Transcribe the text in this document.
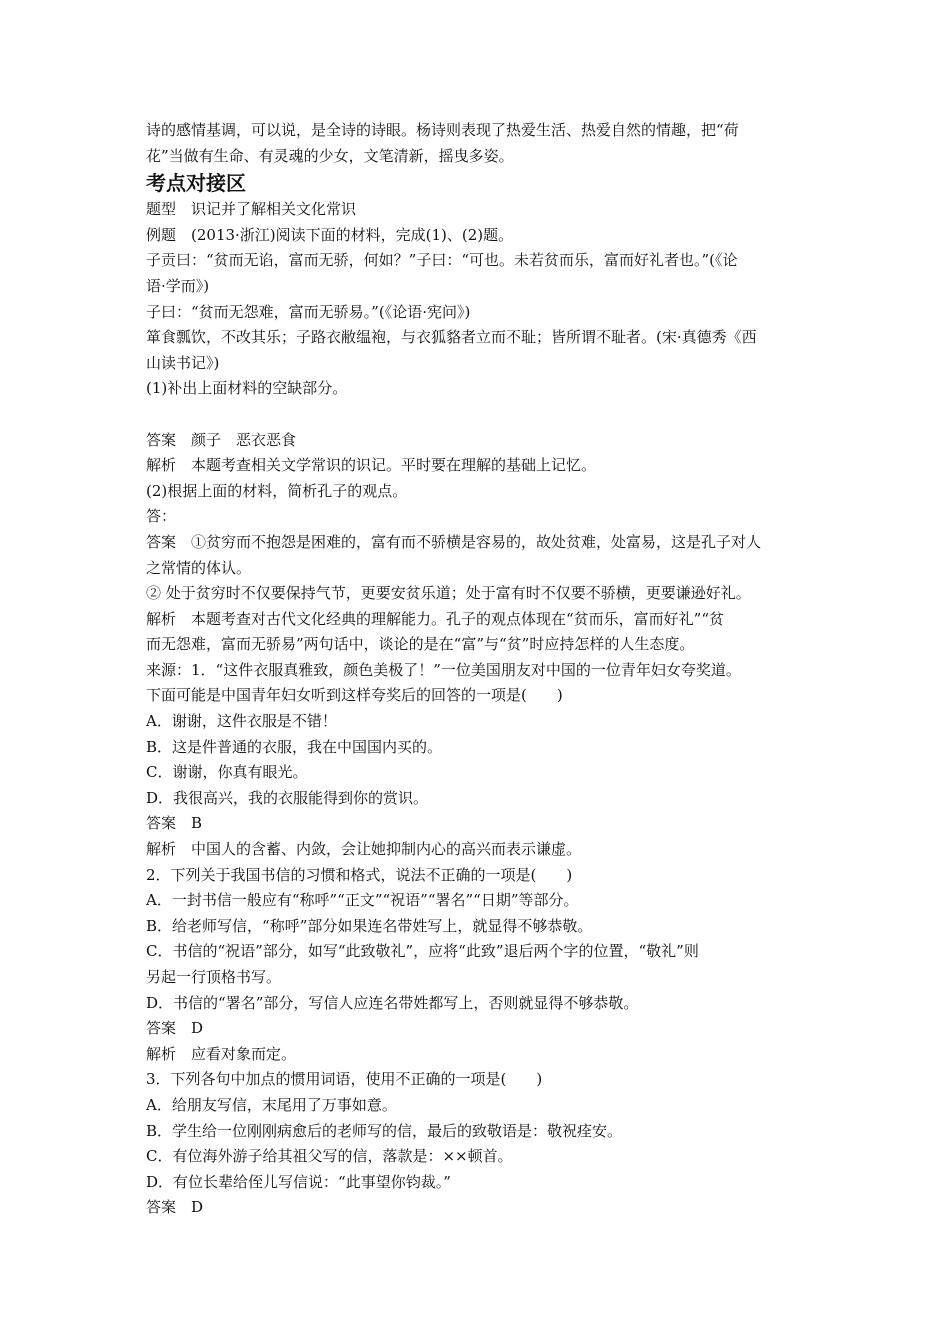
诗的感情基调，可以说，是全诗的诗眼。杨诗则表现了热爱生活、热爱自然的情趣，把“荷
花”当做有生命、有灵魂的少女，文笔清新，摇曳多姿。
考点对接区
题型　识记并了解相关文化常识
例题　(2013·浙江)阅读下面的材料，完成(1)、(2)题。
子贡曰：“贫而无谄，富而无骄，何如？”子曰：“可也。未若贫而乐，富而好礼者也。”(《论
语·学而》)
子曰：“贫而无怨难，富而无骄易。”(《论语·宪问》)
箪食瓢饮，不改其乐；子路衣敝缊袍，与衣狐貉者立而不耻；皆所谓不耻者。(宋·真德秀《西
山读书记》)
(1)补出上面材料的空缺部分。
答案　颜子　恶衣恶食
解析　本题考查相关文学常识的识记。平时要在理解的基础上记忆。
(2)根据上面的材料，简析孔子的观点。
答：
答案　①贫穷而不抱怨是困难的，富有而不骄横是容易的，故处贫难，处富易，这是孔子对人
之常情的体认。
② 处于贫穷时不仅要保持气节，更要安贫乐道；处于富有时不仅要不骄横，更要谦逊好礼。
解析　本题考查对古代文化经典的理解能力。孔子的观点体现在“贫而乐，富而好礼”“贫
而无怨难，富而无骄易”两句话中，谈论的是在“富”与“贫”时应持怎样的人生态度。
来源：1．“这件衣服真雅致，颜色美极了！”一位美国朋友对中国的一位青年妇女夸奖道。
下面可能是中国青年妇女听到这样夸奖后的回答的一项是(　　)
A．谢谢，这件衣服是不错！
B．这是件普通的衣服，我在中国国内买的。
C．谢谢，你真有眼光。
D．我很高兴，我的衣服能得到你的赏识。
答案　B
解析　中国人的含蓄、内敛，会让她抑制内心的高兴而表示谦虚。
2．下列关于我国书信的习惯和格式，说法不正确的一项是(　　)
A．一封书信一般应有“称呼”“正文”“祝语”“署名”“日期”等部分。
B．给老师写信，“称呼”部分如果连名带姓写上，就显得不够恭敬。
C．书信的“祝语”部分，如写“此致敬礼”，应将“此致”退后两个字的位置，“敬礼”则
另起一行顶格书写。
D．书信的“署名”部分，写信人应连名带姓都写上，否则就显得不够恭敬。
答案　D
解析　应看对象而定。
3．下列各句中加点的惯用词语，使用不正确的一项是(　　)
A．给朋友写信，末尾用了万事如意。
B．学生给一位刚刚病愈后的老师写的信，最后的致敬语是：敬祝痊安。
C．有位海外游子给其祖父写的信，落款是：××顿首。
D．有位长辈给侄儿写信说：“此事望你钧裁。”
答案　D
